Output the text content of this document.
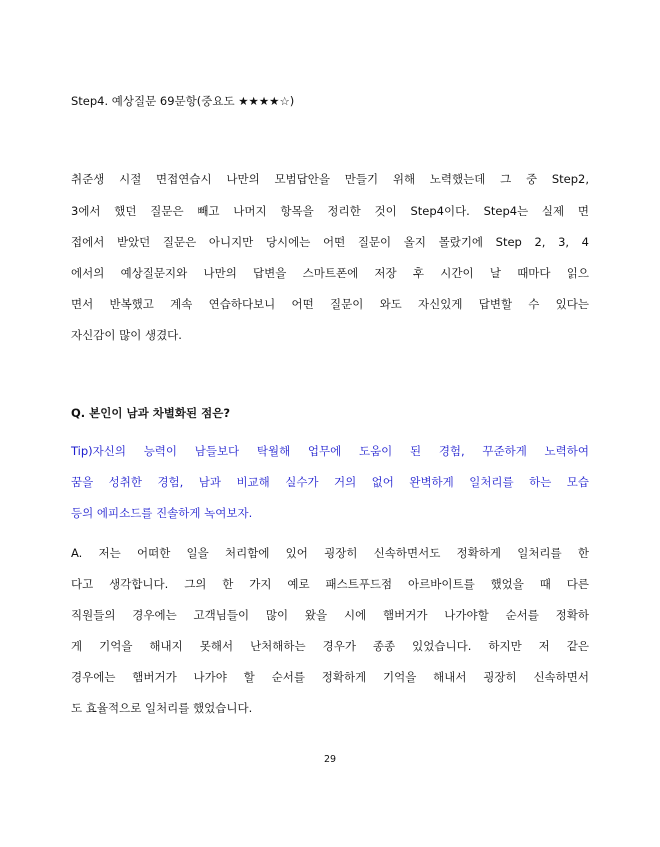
Step4. 예상질문 69문항(중요도 ★★★★☆)
취준생 시절 면접연습시 나만의 모범답안을 만들기 위해 노력했는데 그 중 Step2,
3에서 했던 질문은 빼고 나머지 항목을 정리한 것이 Step4이다. Step4는 실제 면
접에서 받았던 질문은 아니지만 당시에는 어떤 질문이 올지 몰랐기에 Step 2, 3, 4
에서의 예상질문지와 나만의 답변을 스마트폰에 저장 후 시간이 날 때마다 읽으
면서 반복했고 계속 연습하다보니 어떤 질문이 와도 자신있게 답변할 수 있다는
자신감이 많이 생겼다.
Q. 본인이 남과 차별화된 점은?
Tip)자신의 능력이 남들보다 탁월해 업무에 도움이 된 경험, 꾸준하게 노력하여
꿈을 성취한 경험, 남과 비교해 실수가 거의 없어 완벽하게 일처리를 하는 모습
등의 에피소드를 진솔하게 녹여보자.
A. 저는 어떠한 일을 처리함에 있어 굉장히 신속하면서도 정확하게 일처리를 한
다고 생각합니다. 그의 한 가지 예로 패스트푸드점 아르바이트를 했었을 때 다른
직원들의 경우에는 고객님들이 많이 왔을 시에 햄버거가 나가야할 순서를 정확하
게 기억을 해내지 못해서 난처해하는 경우가 종종 있었습니다. 하지만 저 같은
경우에는 햄버거가 나가야 할 순서를 정확하게 기억을 해내서 굉장히 신속하면서
도 효율적으로 일처리를 했었습니다.
29
